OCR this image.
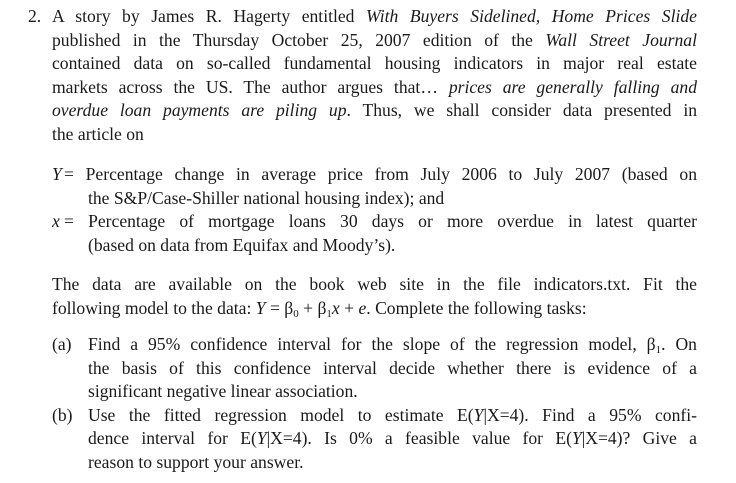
2. A story by James R. Hagerty entitled With Buyers Sidelined, Home Prices Slide
published in the Thursday October 25, 2007 edition of the Wall Street Journal
contained data on so-called fundamental housing indicators in major real estate
markets across the US. The author argues that… prices are generally falling and
overdue loan payments are piling up. Thus, we shall consider data presented in
the article on

Y = Percentage change in average price from July 2006 to July 2007 (based on
the S&P/Case-Shiller national housing index); and
x = Percentage of mortgage loans 30 days or more overdue in latest quarter
(based on data from Equifax and Moody’s).

The data are available on the book web site in the file indicators.txt. Fit the
following model to the data: $Y = \beta_0 + \beta_1x + e$. Complete the following tasks:

(a) Find a 95% confidence interval for the slope of the regression model, $\beta_1$. On
the basis of this confidence interval decide whether there is evidence of a
significant negative linear association.
(b) Use the fitted regression model to estimate E(Y|X=4). Find a 95% confi-
dence interval for E(Y|X=4). Is 0% a feasible value for E(Y|X=4)? Give a
reason to support your answer.
